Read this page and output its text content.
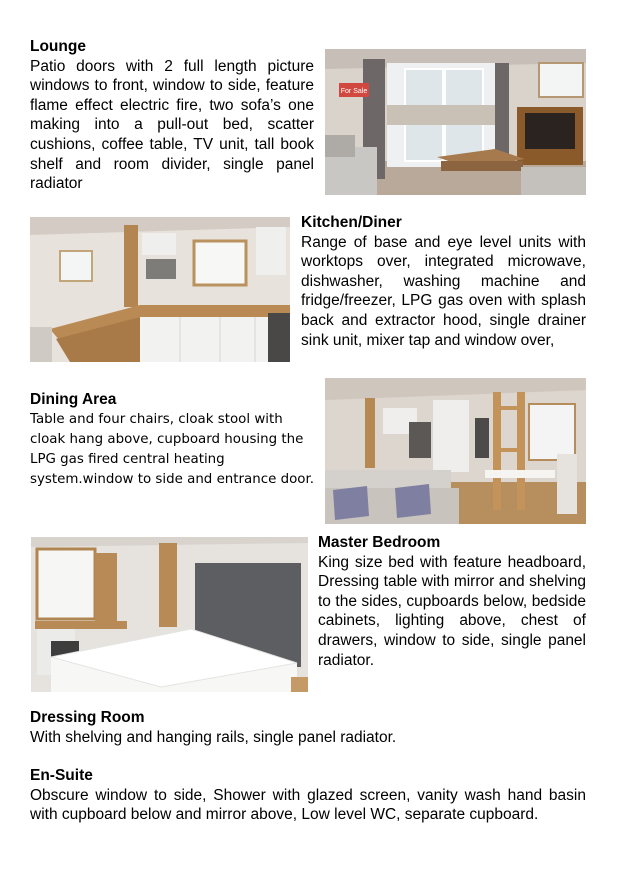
Lounge

Patio doors with 2 full length picture windows to front, window to side, feature flame effect electric fire, two sofa’s one making into a pull-out bed, scatter cushions, coffee table, TV unit, tall book shelf and room divider, single panel radiator

For Sale
Kitchen/Diner

Range of base and eye level units with worktops over, integrated microwave, dishwasher, washing machine and fridge/freezer, LPG gas oven with splash back and extractor hood, single drainer sink unit, mixer tap and window over,

Dining Area

Table and four chairs, cloak stool with cloak hang above, cupboard housing the LPG gas fired central heating system.window to side and entrance door.

Master Bedroom

King size bed with feature headboard, Dressing table with mirror and shelving to the sides, cupboards below, bedside cabinets, lighting above, chest of drawers, window to side, single panel radiator.

Dressing Room

With shelving and hanging rails, single panel radiator.

En-Suite

Obscure window to side, Shower with glazed screen, vanity wash hand basin with cupboard below and mirror above, Low level WC, separate cupboard.
